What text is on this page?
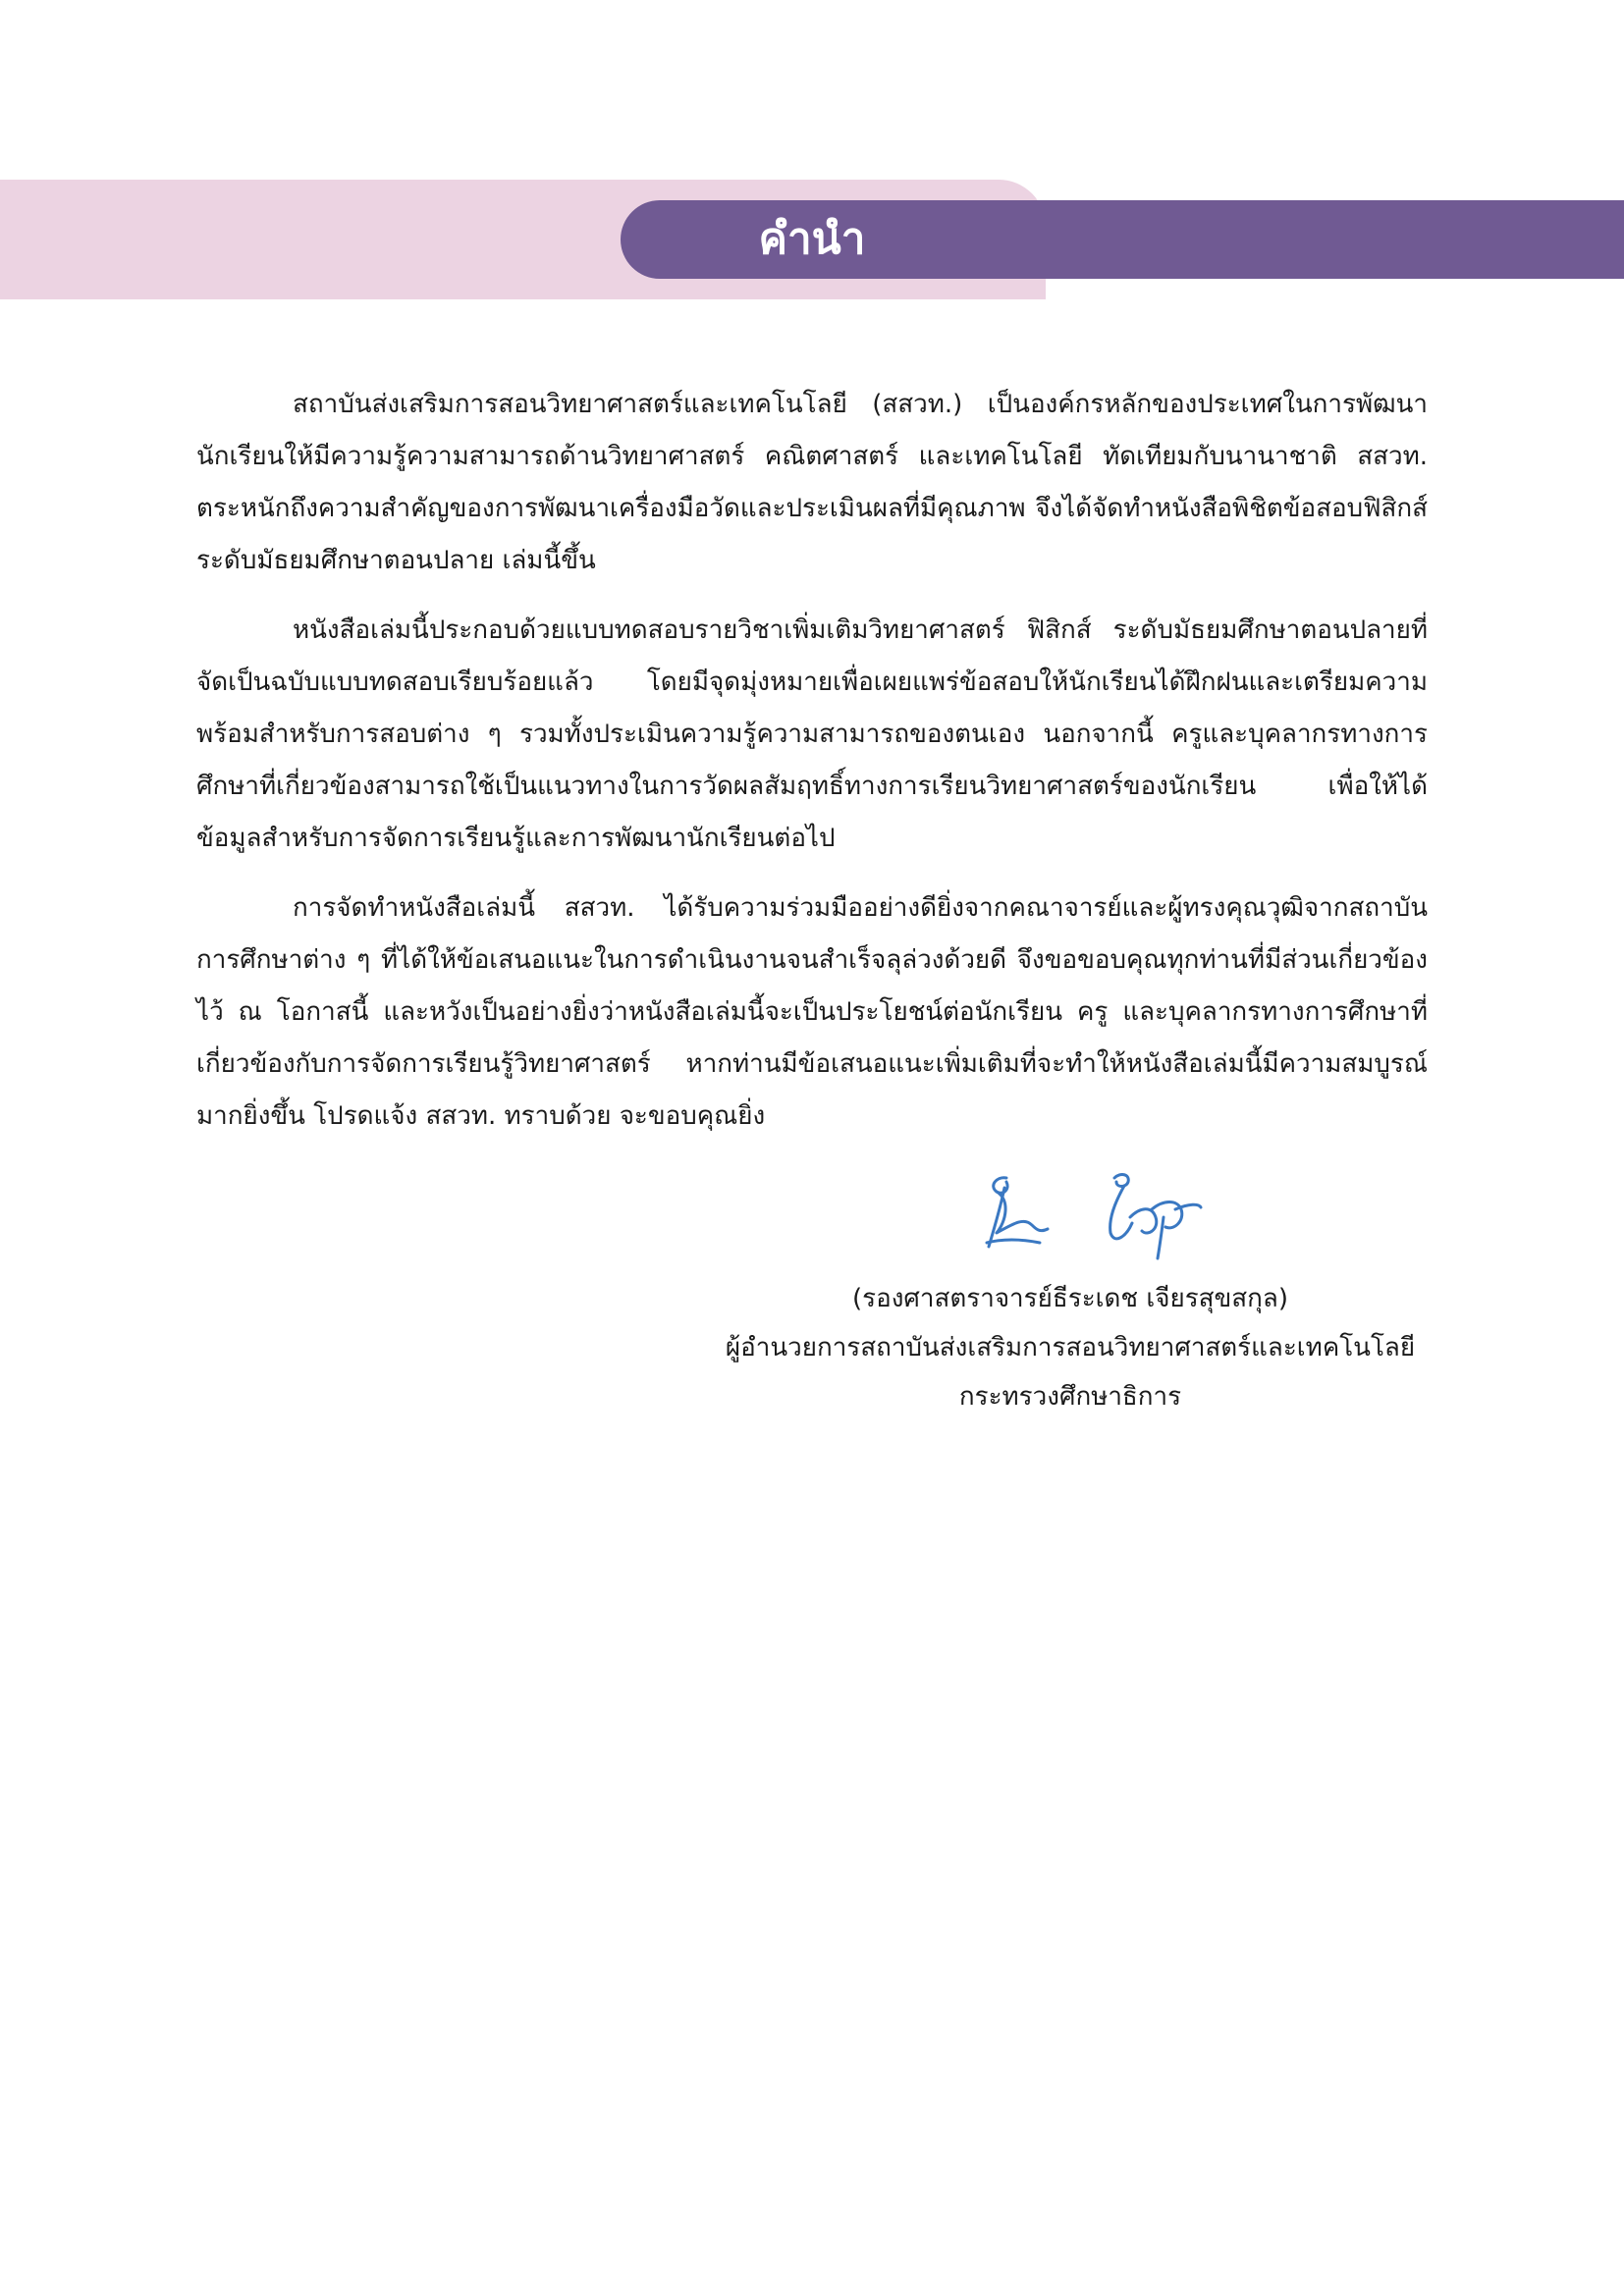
คำนำ

สถาบันส่งเสริมการสอนวิทยาศาสตร์และเทคโนโลยี (สสวท.) เป็นองค์กรหลักของประเทศในการพัฒนานักเรียนให้มีความรู้ความสามารถด้านวิทยาศาสตร์ คณิตศาสตร์ และเทคโนโลยี ทัดเทียมกับนานาชาติ สสวท. ตระหนักถึงความสำคัญของการพัฒนาเครื่องมือวัดและประเมินผลที่มีคุณภาพ จึงได้จัดทำหนังสือพิชิตข้อสอบฟิสิกส์ ระดับมัธยมศึกษาตอนปลาย เล่มนี้ขึ้น

หนังสือเล่มนี้ประกอบด้วยแบบทดสอบรายวิชาเพิ่มเติมวิทยาศาสตร์ ฟิสิกส์ ระดับมัธยมศึกษาตอนปลายที่จัดเป็นฉบับแบบทดสอบเรียบร้อยแล้ว โดยมีจุดมุ่งหมายเพื่อเผยแพร่ข้อสอบให้นักเรียนได้ฝึกฝนและเตรียมความพร้อมสำหรับการสอบต่าง ๆ รวมทั้งประเมินความรู้ความสามารถของตนเอง นอกจากนี้ ครูและบุคลากรทางการศึกษาที่เกี่ยวข้องสามารถใช้เป็นแนวทางในการวัดผลสัมฤทธิ์ทางการเรียนวิทยาศาสตร์ของนักเรียน เพื่อให้ได้ข้อมูลสำหรับการจัดการเรียนรู้และการพัฒนานักเรียนต่อไป

การจัดทำหนังสือเล่มนี้ สสวท. ได้รับความร่วมมืออย่างดียิ่งจากคณาจารย์และผู้ทรงคุณวุฒิจากสถาบันการศึกษาต่าง ๆ ที่ได้ให้ข้อเสนอแนะในการดำเนินงานจนสำเร็จลุล่วงด้วยดี จึงขอขอบคุณทุกท่านที่มีส่วนเกี่ยวข้องไว้ ณ โอกาสนี้ และหวังเป็นอย่างยิ่งว่าหนังสือเล่มนี้จะเป็นประโยชน์ต่อนักเรียน ครู และบุคลากรทางการศึกษาที่เกี่ยวข้องกับการจัดการเรียนรู้วิทยาศาสตร์ หากท่านมีข้อเสนอแนะเพิ่มเติมที่จะทำให้หนังสือเล่มนี้มีความสมบูรณ์มากยิ่งขึ้น โปรดแจ้ง สสวท. ทราบด้วย จะขอบคุณยิ่ง

(รองศาสตราจารย์ธีระเดช เจียรสุขสกุล)
ผู้อำนวยการสถาบันส่งเสริมการสอนวิทยาศาสตร์และเทคโนโลยี
กระทรวงศึกษาธิการ
